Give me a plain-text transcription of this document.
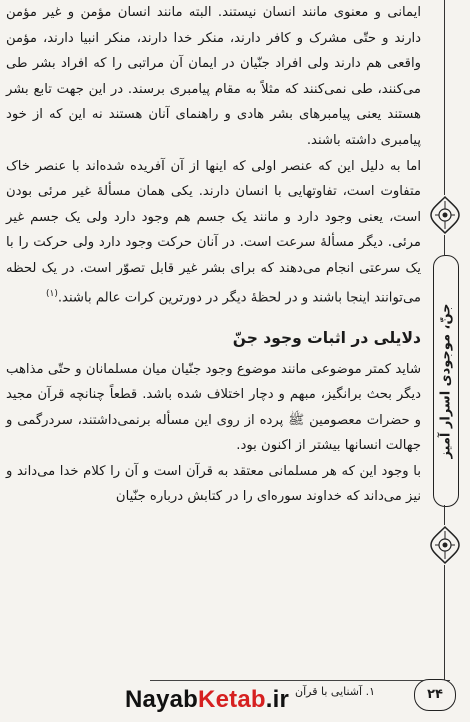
ایمانی و معنوی مانند انسان نیستند. البته مانند انسان مؤمن و غیر مؤمن دارند و حتّی مشرک و کافر دارند، منکر خدا دارند، منکر انبیا دارند، مؤمن واقعی هم دارند ولی افراد جنّیان در ایمان آن مراتبی را که افراد بشر طی می‌کنند، طی نمی‌کنند که مثلاً به مقام پیامبری برسند. در این جهت تابع بشر هستند یعنی پیامبرهای بشر هادی و راهنمای آنان هستند نه این که از خود پیامبری داشته باشند.

اما به دلیل این که عنصر اولی که اینها از آن آفریده شده‌اند با عنصر خاک متفاوت است، تفاوتهایی با انسان دارند. یکی همان مسألهٔ غیر مرئی بودن است، یعنی وجود دارد و مانند یک جسم هم وجود دارد ولی یک جسم غیر مرئی. دیگر مسألهٔ سرعت است. در آنان حرکت وجود دارد ولی حرکت را با یک سرعتی انجام می‌دهند که برای بشر غیر قابل تصوّر است. در یک لحظه می‌توانند اینجا باشند و در لحظهٔ دیگر در دورترین کرات عالم باشند.$^{(۱)}$

دلایلی در اثبات وجود جنّ

شاید کمتر موضوعی مانند موضوع وجود جنّیان میان مسلمانان و حتّی مذاهب دیگر بحث برانگیز، مبهم و دچار اختلاف شده باشد. قطعاً چنانچه قرآن مجید و حضرات معصومین ﷺ پرده از روی این مسأله برنمی‌داشتند، سردرگمی و جهالت انسانها بیشتر از اکنون بود.

با وجود این که هر مسلمانی معتقد به قرآن است و آن را کلام خدا می‌داند و نیز می‌داند که خداوند سوره‌ای را در کتابش درباره جنّیان

جنّ، موجودی اسرار آمیز
۱. آشنایی با قرآن	۲۴
NayabKetab.ir
